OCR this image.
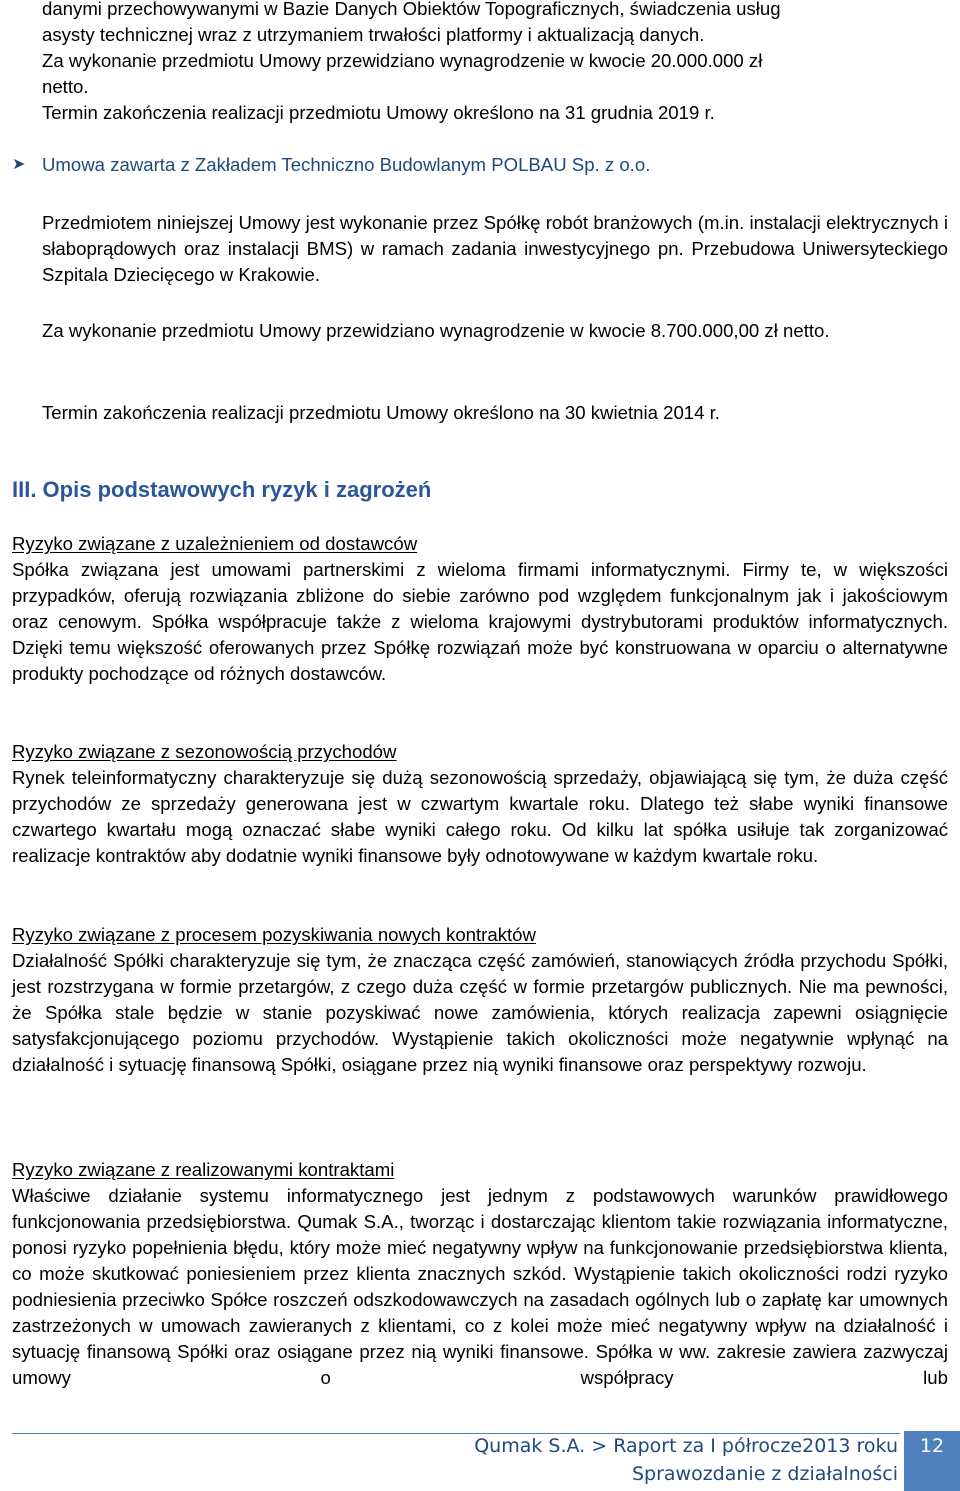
danymi przechowywanymi w Bazie Danych Obiektów Topograficznych, świadczenia usług

asysty technicznej wraz z utrzymaniem trwałości platformy i aktualizacją danych.

Za wykonanie przedmiotu Umowy przewidziano wynagrodzenie w kwocie 20.000.000 zł

netto.

Termin zakończenia realizacji przedmiotu Umowy określono na 31 grudnia 2019 r.

➤ Umowa zawarta z Zakładem Techniczno Budowlanym POLBAU Sp. z o.o.

Przedmiotem niniejszej Umowy jest wykonanie przez Spółkę robót branżowych (m.in. instalacji elektrycznych i słaboprądowych oraz instalacji BMS) w ramach zadania inwestycyjnego pn. Przebudowa Uniwersyteckiego Szpitala Dziecięcego w Krakowie.

Za wykonanie przedmiotu Umowy przewidziano wynagrodzenie w kwocie 8.700.000,00 zł netto.

Termin zakończenia realizacji przedmiotu Umowy określono na 30 kwietnia 2014 r.

III. Opis podstawowych ryzyk i zagrożeń

Ryzyko związane z uzależnieniem od dostawców

Spółka związana jest umowami partnerskimi z wieloma firmami informatycznymi. Firmy te, w większości przypadków, oferują rozwiązania zbliżone do siebie zarówno pod względem funkcjonalnym jak i jakościowym oraz cenowym. Spółka współpracuje także z wieloma krajowymi dystrybutorami produktów informatycznych. Dzięki temu większość oferowanych przez Spółkę rozwiązań może być konstruowana w oparciu o alternatywne produkty pochodzące od różnych dostawców.

Ryzyko związane z sezonowością przychodów

Rynek teleinformatyczny charakteryzuje się dużą sezonowością sprzedaży, objawiającą się tym, że duża część przychodów ze sprzedaży generowana jest w czwartym kwartale roku. Dlatego też słabe wyniki finansowe czwartego kwartału mogą oznaczać słabe wyniki całego roku. Od kilku lat spółka usiłuje tak zorganizować realizacje kontraktów aby dodatnie wyniki finansowe były odnotowywane w każdym kwartale roku.

Ryzyko związane z procesem pozyskiwania nowych kontraktów

Działalność Spółki charakteryzuje się tym, że znacząca część zamówień, stanowiących źródła przychodu Spółki, jest rozstrzygana w formie przetargów, z czego duża część w formie przetargów publicznych. Nie ma pewności, że Spółka stale będzie w stanie pozyskiwać nowe zamówienia, których realizacja zapewni osiągnięcie satysfakcjonującego poziomu przychodów. Wystąpienie takich okoliczności może negatywnie wpłynąć na działalność i sytuację finansową Spółki, osiągane przez nią wyniki finansowe oraz perspektywy rozwoju.

Ryzyko związane z realizowanymi kontraktami

Właściwe działanie systemu informatycznego jest jednym z podstawowych warunków prawidłowego funkcjonowania przedsiębiorstwa. Qumak S.A., tworząc i dostarczając klientom takie rozwiązania informatyczne, ponosi ryzyko popełnienia błędu, który może mieć negatywny wpływ na funkcjonowanie przedsiębiorstwa klienta, co może skutkować poniesieniem przez klienta znacznych szkód. Wystąpienie takich okoliczności rodzi ryzyko podniesienia przeciwko Spółce roszczeń odszkodowawczych na zasadach ogólnych lub o zapłatę kar umownych zastrzeżonych w umowach zawieranych z klientami, co z kolei może mieć negatywny wpływ na działalność i sytuację finansową Spółki oraz osiągane przez nią wyniki finansowe. Spółka w ww. zakresie zawiera zazwyczaj umowy o współpracy lub

Qumak S.A. > Raport za I półrocze2013 roku
Sprawozdanie z działalności
12
